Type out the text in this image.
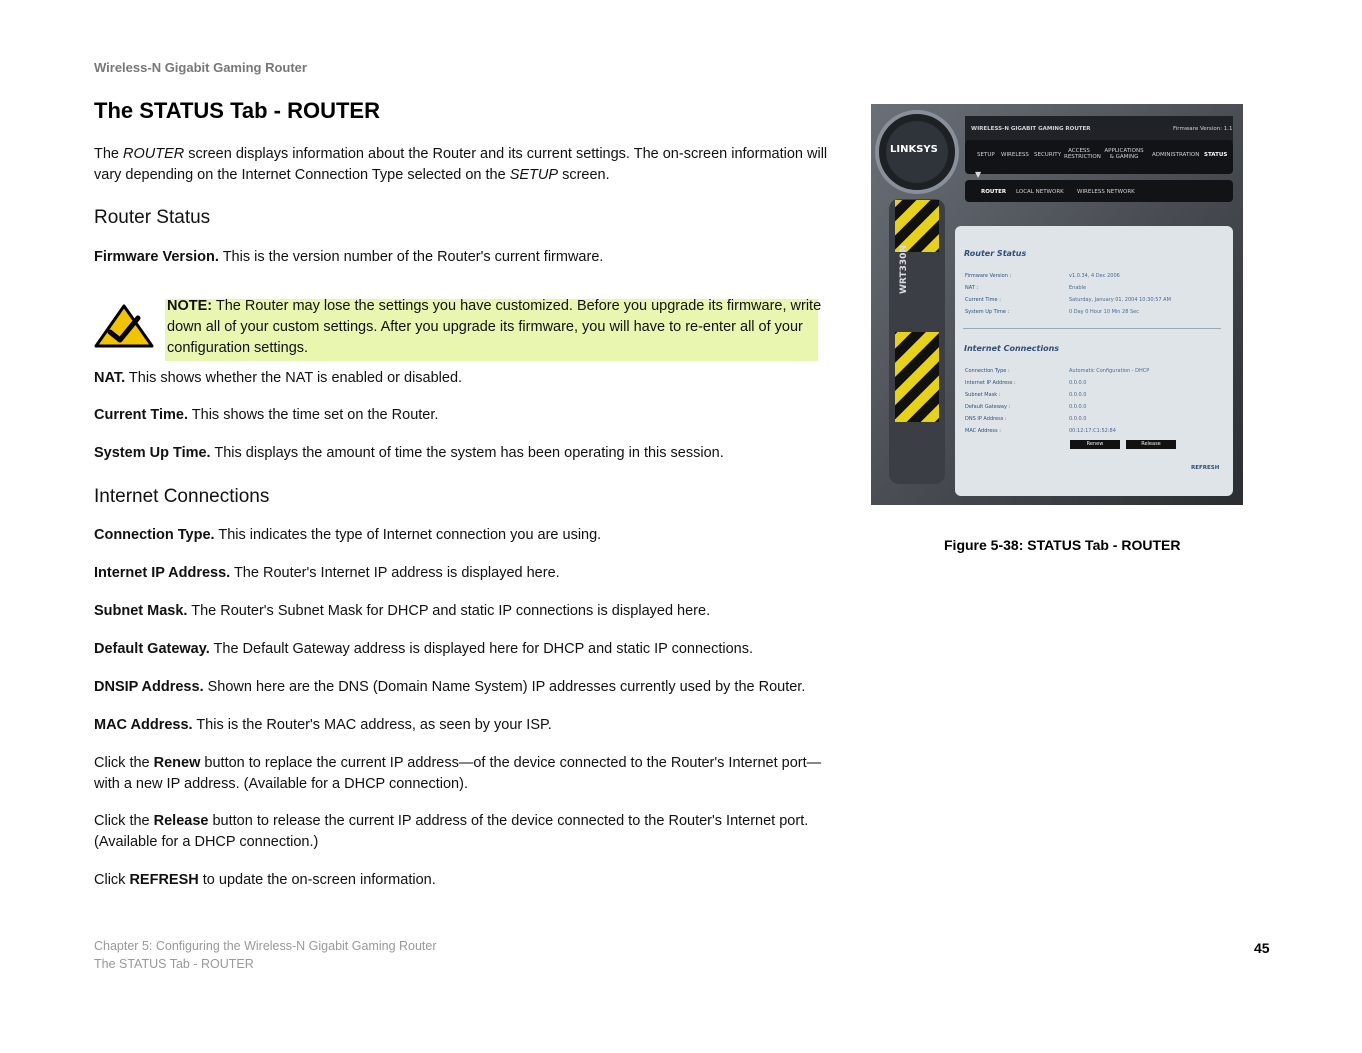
Wireless-N Gigabit Gaming Router
The STATUS Tab - ROUTER

The ROUTER screen displays information about the Router and its current settings. The on-screen information will vary depending on the Internet Connection Type selected on the SETUP screen.

Router Status

Firmware Version. This is the version number of the Router's current firmware.

NOTE: The Router may lose the settings you have customized. Before you upgrade its firmware, write down all of your custom settings. After you upgrade its firmware, you will have to re-enter all of your configuration settings.

NAT. This shows whether the NAT is enabled or disabled.

Current Time. This shows the time set on the Router.

System Up Time. This displays the amount of time the system has been operating in this session.

Internet Connections

Connection Type. This indicates the type of Internet connection you are using.

Internet IP Address. The Router's Internet IP address is displayed here.

Subnet Mask. The Router's Subnet Mask for DHCP and static IP connections is displayed here.

Default Gateway. The Default Gateway address is displayed here for DHCP and static IP connections.

DNSIP Address. Shown here are the DNS (Domain Name System) IP addresses currently used by the Router.

MAC Address. This is the Router's MAC address, as seen by your ISP.

Click the Renew button to replace the current IP address—of the device connected to the Router's Internet port—with a new IP address. (Available for a DHCP connection).

Click the Release button to release the current IP address of the device connected to the Router's Internet port. (Available for a DHCP connection.)

Click REFRESH to update the on-screen information.

LINKSYS
WRT330N
WIRELESS-N GIGABIT GAMING ROUTER	Firmware Version: 1.1
SETUP WIRELESS SECURITY
ACCESS RESTRICTION
APPLICATIONS & GAMING	ADMINISTRATION STATUS
ROUTER LOCAL NETWORK WIRELESS NETWORK
▼
Router Status
Firmware Version :	v1.0.34, 4 Dec 2006
NAT :	Enable
Current Time :	Saturday, January 01, 2004 10:30:57 AM
System Up Time :	0 Day 0 Hour 10 Min 28 Sec
Internet Connections
Connection Type :	Automatic Configuration - DHCP
Internet IP Address :	0.0.0.0
Subnet Mask :	0.0.0.0
Default Gateway :	0.0.0.0
DNS IP Address :	0.0.0.0
MAC Address :	00:12:17:C1:52:84
Renew	Release
REFRESH
Figure 5-38: STATUS Tab - ROUTER
Chapter 5: Configuring the Wireless-N Gigabit Gaming Router
The STATUS Tab - ROUTER
45
